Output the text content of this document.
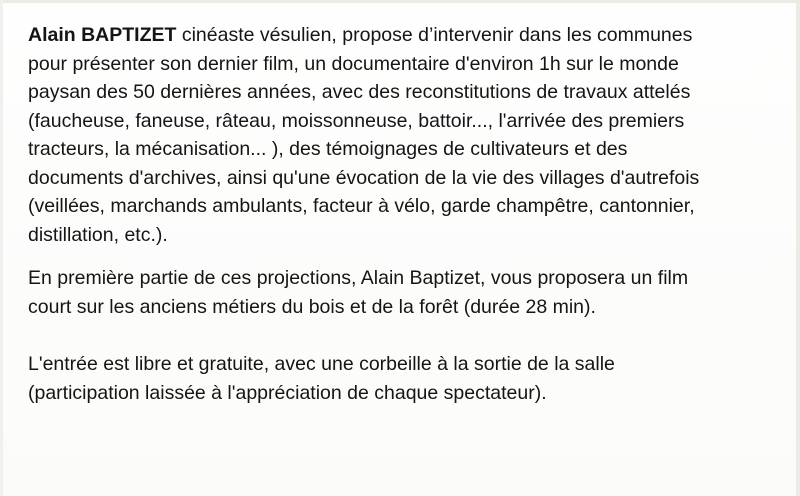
Alain BAPTIZET cinéaste vésulien, propose d’intervenir dans les communes
pour présenter son dernier film, un documentaire d'environ 1h sur le monde
paysan des 50 dernières années, avec des reconstitutions de travaux attelés
(faucheuse, faneuse, râteau, moissonneuse, battoir..., l'arrivée des premiers
tracteurs, la mécanisation... ), des témoignages de cultivateurs et des
documents d'archives, ainsi qu'une évocation de la vie des villages d'autrefois
(veillées, marchands ambulants, facteur à vélo, garde champêtre, cantonnier,
distillation, etc.).
En première partie de ces projections, Alain Baptizet, vous proposera un film
court sur les anciens métiers du bois et de la forêt (durée 28 min).
L'entrée est libre et gratuite, avec une corbeille à la sortie de la salle
(participation laissée à l'appréciation de chaque spectateur).
